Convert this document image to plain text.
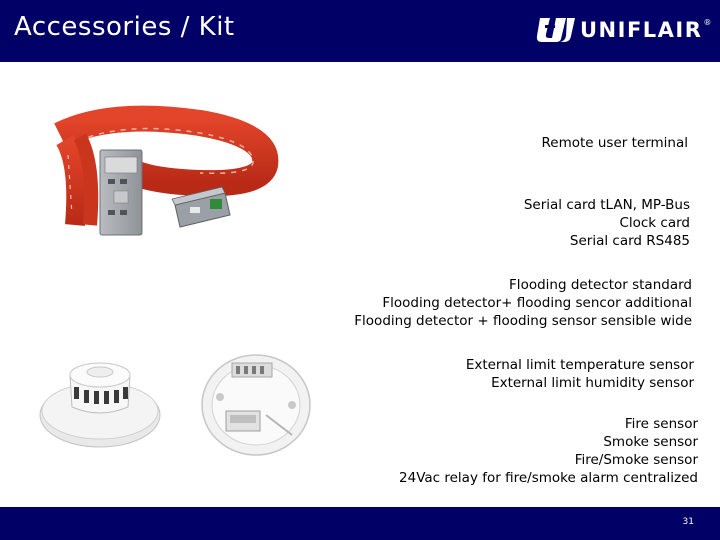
Accessories / Kit	UNIFLAIR ®
Remote user terminal
Serial card tLAN, MP-Bus
Clock card
Serial card RS485
Flooding detector standard
Flooding detector+ flooding sencor additional
Flooding detector + flooding sensor sensible wide
External limit temperature sensor
External limit humidity sensor
Fire sensor
Smoke sensor
Fire/Smoke sensor
24Vac relay for fire/smoke alarm centralized
31
